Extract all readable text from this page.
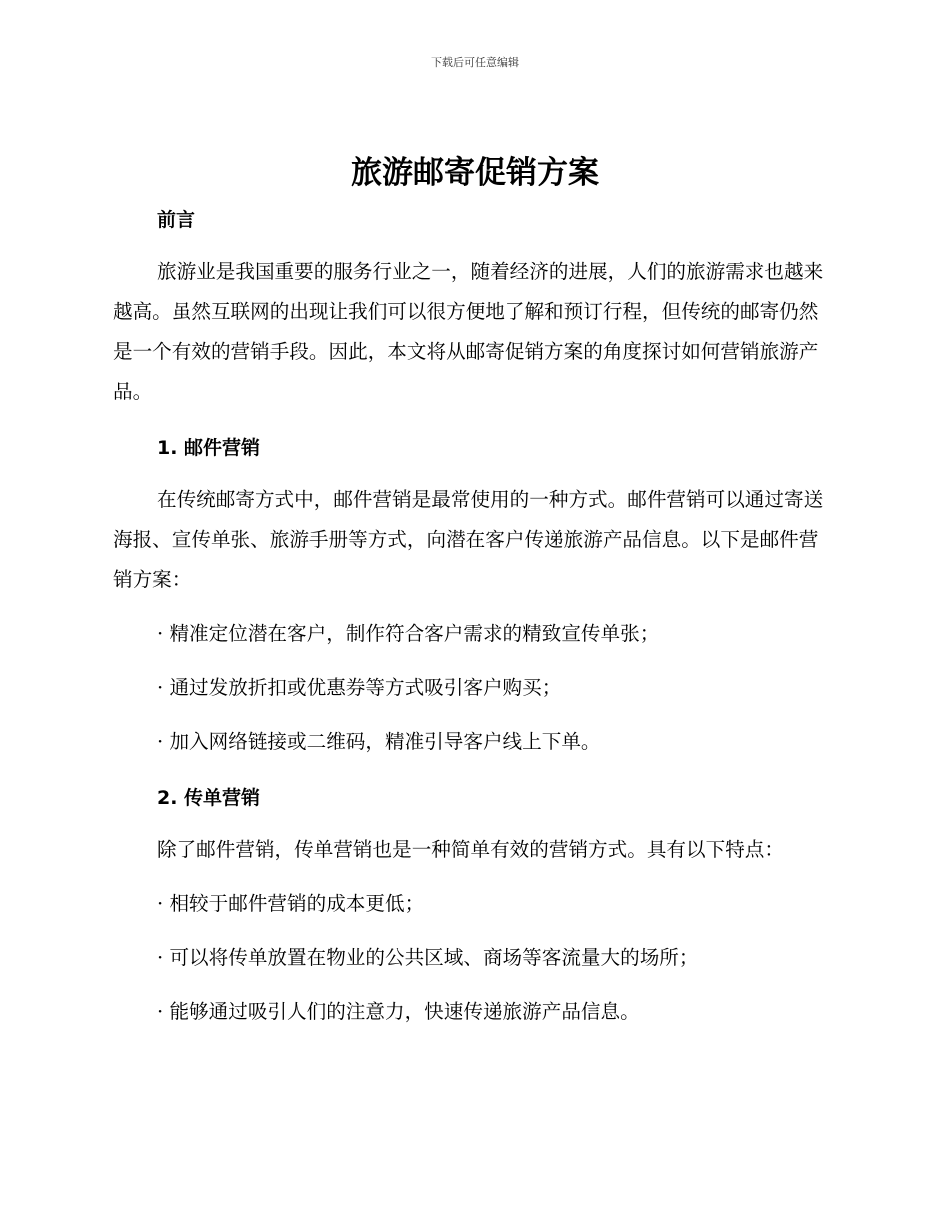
下载后可任意编辑
旅游邮寄促销方案
前言

旅游业是我国重要的服务行业之一，随着经济的进展，人们的旅游需求也越来越高。虽然互联网的出现让我们可以很方便地了解和预订行程，但传统的邮寄仍然是一个有效的营销手段。因此，本文将从邮寄促销方案的角度探讨如何营销旅游产品。

1. 邮件营销

在传统邮寄方式中，邮件营销是最常使用的一种方式。邮件营销可以通过寄送海报、宣传单张、旅游手册等方式，向潜在客户传递旅游产品信息。以下是邮件营销方案：

· 精准定位潜在客户，制作符合客户需求的精致宣传单张；

· 通过发放折扣或优惠券等方式吸引客户购买；

· 加入网络链接或二维码，精准引导客户线上下单。

2. 传单营销

除了邮件营销，传单营销也是一种简单有效的营销方式。具有以下特点：

· 相较于邮件营销的成本更低；

· 可以将传单放置在物业的公共区域、商场等客流量大的场所；

· 能够通过吸引人们的注意力，快速传递旅游产品信息。
